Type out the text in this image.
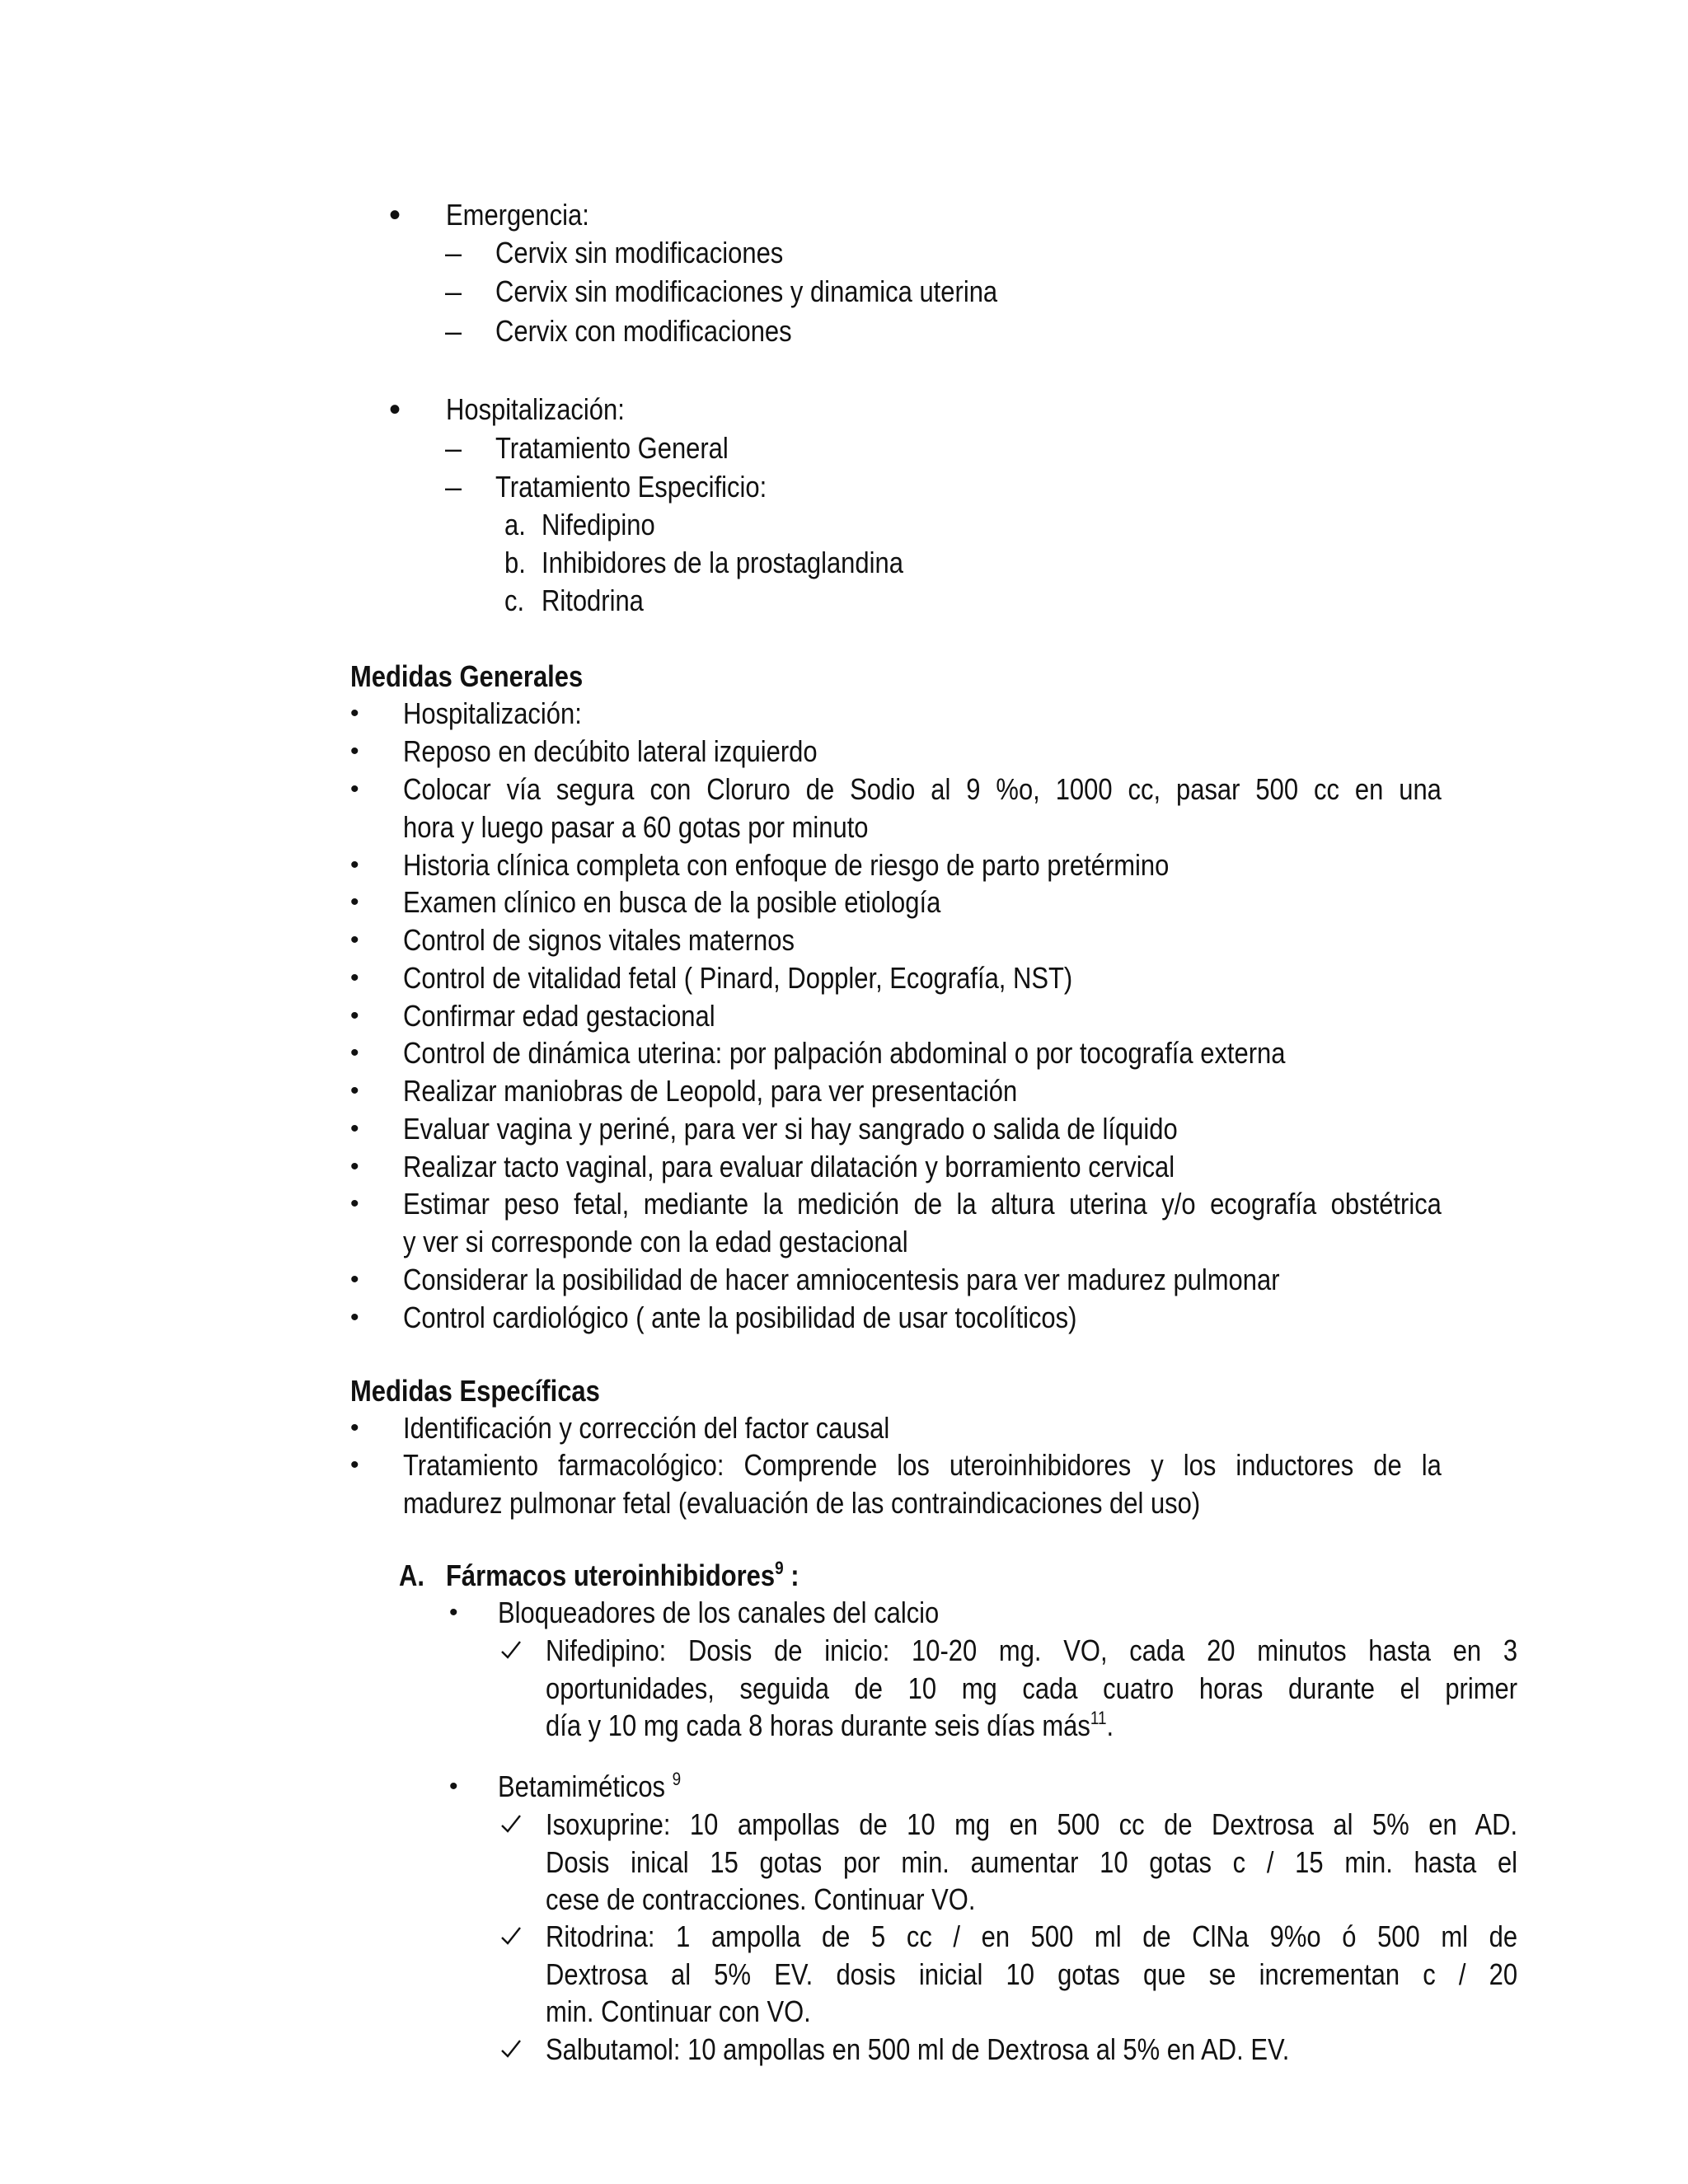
• Emergencia:
– Cervix sin modificaciones
– Cervix sin modificaciones y dinamica uterina
– Cervix con modificaciones
• Hospitalización:
– Tratamiento General
– Tratamiento Especificio:
a. Nifedipino
b. Inhibidores de la prostaglandina
c. Ritodrina
Medidas Generales
• Hospitalización:
• Reposo en decúbito lateral izquierdo
• Colocar vía segura con Cloruro de Sodio al 9 %o, 1000 cc, pasar 500 cc en una
hora y luego pasar a 60 gotas por minuto
• Historia clínica completa con enfoque de riesgo de parto pretérmino
• Examen clínico en busca de la posible etiología
• Control de signos vitales maternos
• Control de vitalidad fetal ( Pinard, Doppler, Ecografía, NST)
• Confirmar edad gestacional
• Control de dinámica uterina: por palpación abdominal o por tocografía externa
• Realizar maniobras de Leopold, para ver presentación
• Evaluar vagina y periné, para ver si hay sangrado o salida de líquido
• Realizar tacto vaginal, para evaluar dilatación y borramiento cervical
• Estimar peso fetal, mediante la medición de la altura uterina y/o ecografía obstétrica
y ver si corresponde con la edad gestacional
• Considerar la posibilidad de hacer amniocentesis para ver madurez pulmonar
• Control cardiológico ( ante la posibilidad de usar tocolíticos)
Medidas Específicas
• Identificación y corrección del factor causal
• Tratamiento farmacológico: Comprende los uteroinhibidores y los inductores de la
madurez pulmonar fetal (evaluación de las contraindicaciones del uso)
A. Fármacos uteroinhibidores$^9$ :
• Bloqueadores de los canales del calcio
Nifedipino: Dosis de inicio: 10-20 mg. VO, cada 20 minutos hasta en 3
oportunidades, seguida de 10 mg cada cuatro horas durante el primer
día y 10 mg cada 8 horas durante seis días más$^{11}$.
• Betamiméticos $^9$
Isoxuprine: 10 ampollas de 10 mg en 500 cc de Dextrosa al 5% en AD.
Dosis inical 15 gotas por min. aumentar 10 gotas c / 15 min. hasta el
cese de contracciones. Continuar VO.
Ritodrina: 1 ampolla de 5 cc / en 500 ml de ClNa 9%o ó 500 ml de
Dextrosa al 5% EV. dosis inicial 10 gotas que se incrementan c / 20
min. Continuar con VO.
Salbutamol: 10 ampollas en 500 ml de Dextrosa al 5% en AD. EV.
